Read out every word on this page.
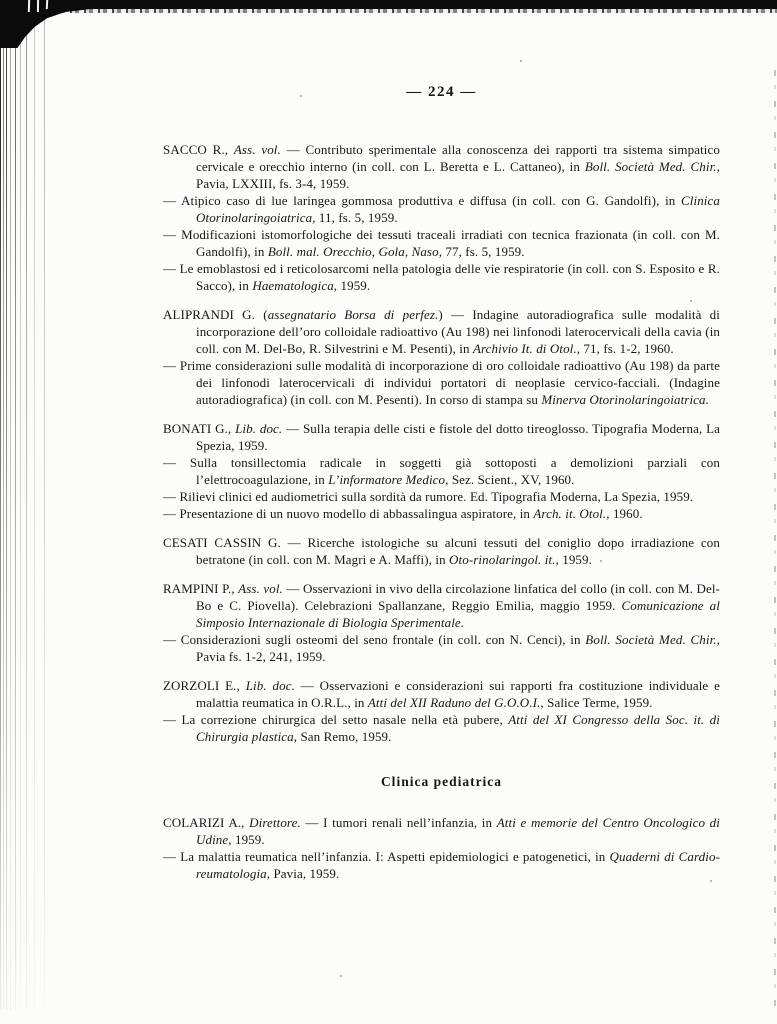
— 224 —

SACCO R., Ass. vol. — Contributo sperimentale alla conoscenza dei rapporti tra sistema simpatico cervicale e orecchio interno (in coll. con L. Beretta e L. Cattaneo), in Boll. Società Med. Chir., Pavia, LXXIII, fs. 3-4, 1959.

— Atipico caso di lue laringea gommosa produttiva e diffusa (in coll. con G. Gandolfi), in Clinica Otorinolaringoiatrica, 11, fs. 5, 1959.

— Modificazioni istomorfologiche dei tessuti traceali irradiati con tecnica frazionata (in coll. con M. Gandolfi), in Boll. mal. Orecchio, Gola, Naso, 77, fs. 5, 1959.

— Le emoblastosi ed i reticolosarcomi nella patologia delle vie respiratorie (in coll. con S. Esposito e R. Sacco), in Haematologica, 1959.

ALIPRANDI G. (assegnatario Borsa di perfez.) — Indagine autoradiografica sulle modalità di incorporazione dell’oro colloidale radioattivo (Au 198) nei linfonodi laterocervicali della cavia (in coll. con M. Del-Bo, R. Silvestrini e M. Pesenti), in Archivio It. di Otol., 71, fs. 1-2, 1960.

— Prime considerazioni sulle modalità di incorporazione di oro colloidale radioattivo (Au 198) da parte dei linfonodi laterocervicali di individui portatori di neoplasie cervico-facciali. (Indagine autoradiografica) (in coll. con M. Pesenti). In corso di stampa su Minerva Otorinolaringoiatrica.

BONATI G., Lib. doc. — Sulla terapia delle cisti e fistole del dotto tireoglosso. Tipografia Moderna, La Spezia, 1959.

— Sulla tonsillectomia radicale in soggetti già sottoposti a demolizioni parziali con l’elettrocoagulazione, in L’informatore Medico, Sez. Scient., XV, 1960.

— Rilievi clinici ed audiometrici sulla sordità da rumore. Ed. Tipografia Moderna, La Spezia, 1959.

— Presentazione di un nuovo modello di abbassalingua aspiratore, in Arch. it. Otol., 1960.

CESATI CASSIN G. — Ricerche istologiche su alcuni tessuti del coniglio dopo irradiazione con betratone (in coll. con M. Magri e A. Maffi), in Oto-rinolaringol. it., 1959.

RAMPINI P., Ass. vol. — Osservazioni in vivo della circolazione linfatica del collo (in coll. con M. Del-Bo e C. Piovella). Celebrazioni Spallanzane, Reggio Emilia, maggio 1959. Comunicazione al Simposio Internazionale di Biologia Sperimentale.

— Considerazioni sugli osteomi del seno frontale (in coll. con N. Cenci), in Boll. Società Med. Chir., Pavia fs. 1-2, 241, 1959.

ZORZOLI E., Lib. doc. — Osservazioni e considerazioni sui rapporti fra costituzione individuale e malattia reumatica in O.R.L., in Atti del XII Raduno del G.O.O.I., Salice Terme, 1959.

— La correzione chirurgica del setto nasale nella età pubere, Atti del XI Congresso della Soc. it. di Chirurgia plastica, San Remo, 1959.

Clinica pediatrica

COLARIZI A., Direttore. — I tumori renali nell’infanzia, in Atti e memorie del Centro Oncologico di Udine, 1959.

— La malattia reumatica nell’infanzia. I: Aspetti epidemiologici e patogenetici, in Quaderni di Cardio-reumatologia, Pavia, 1959.
